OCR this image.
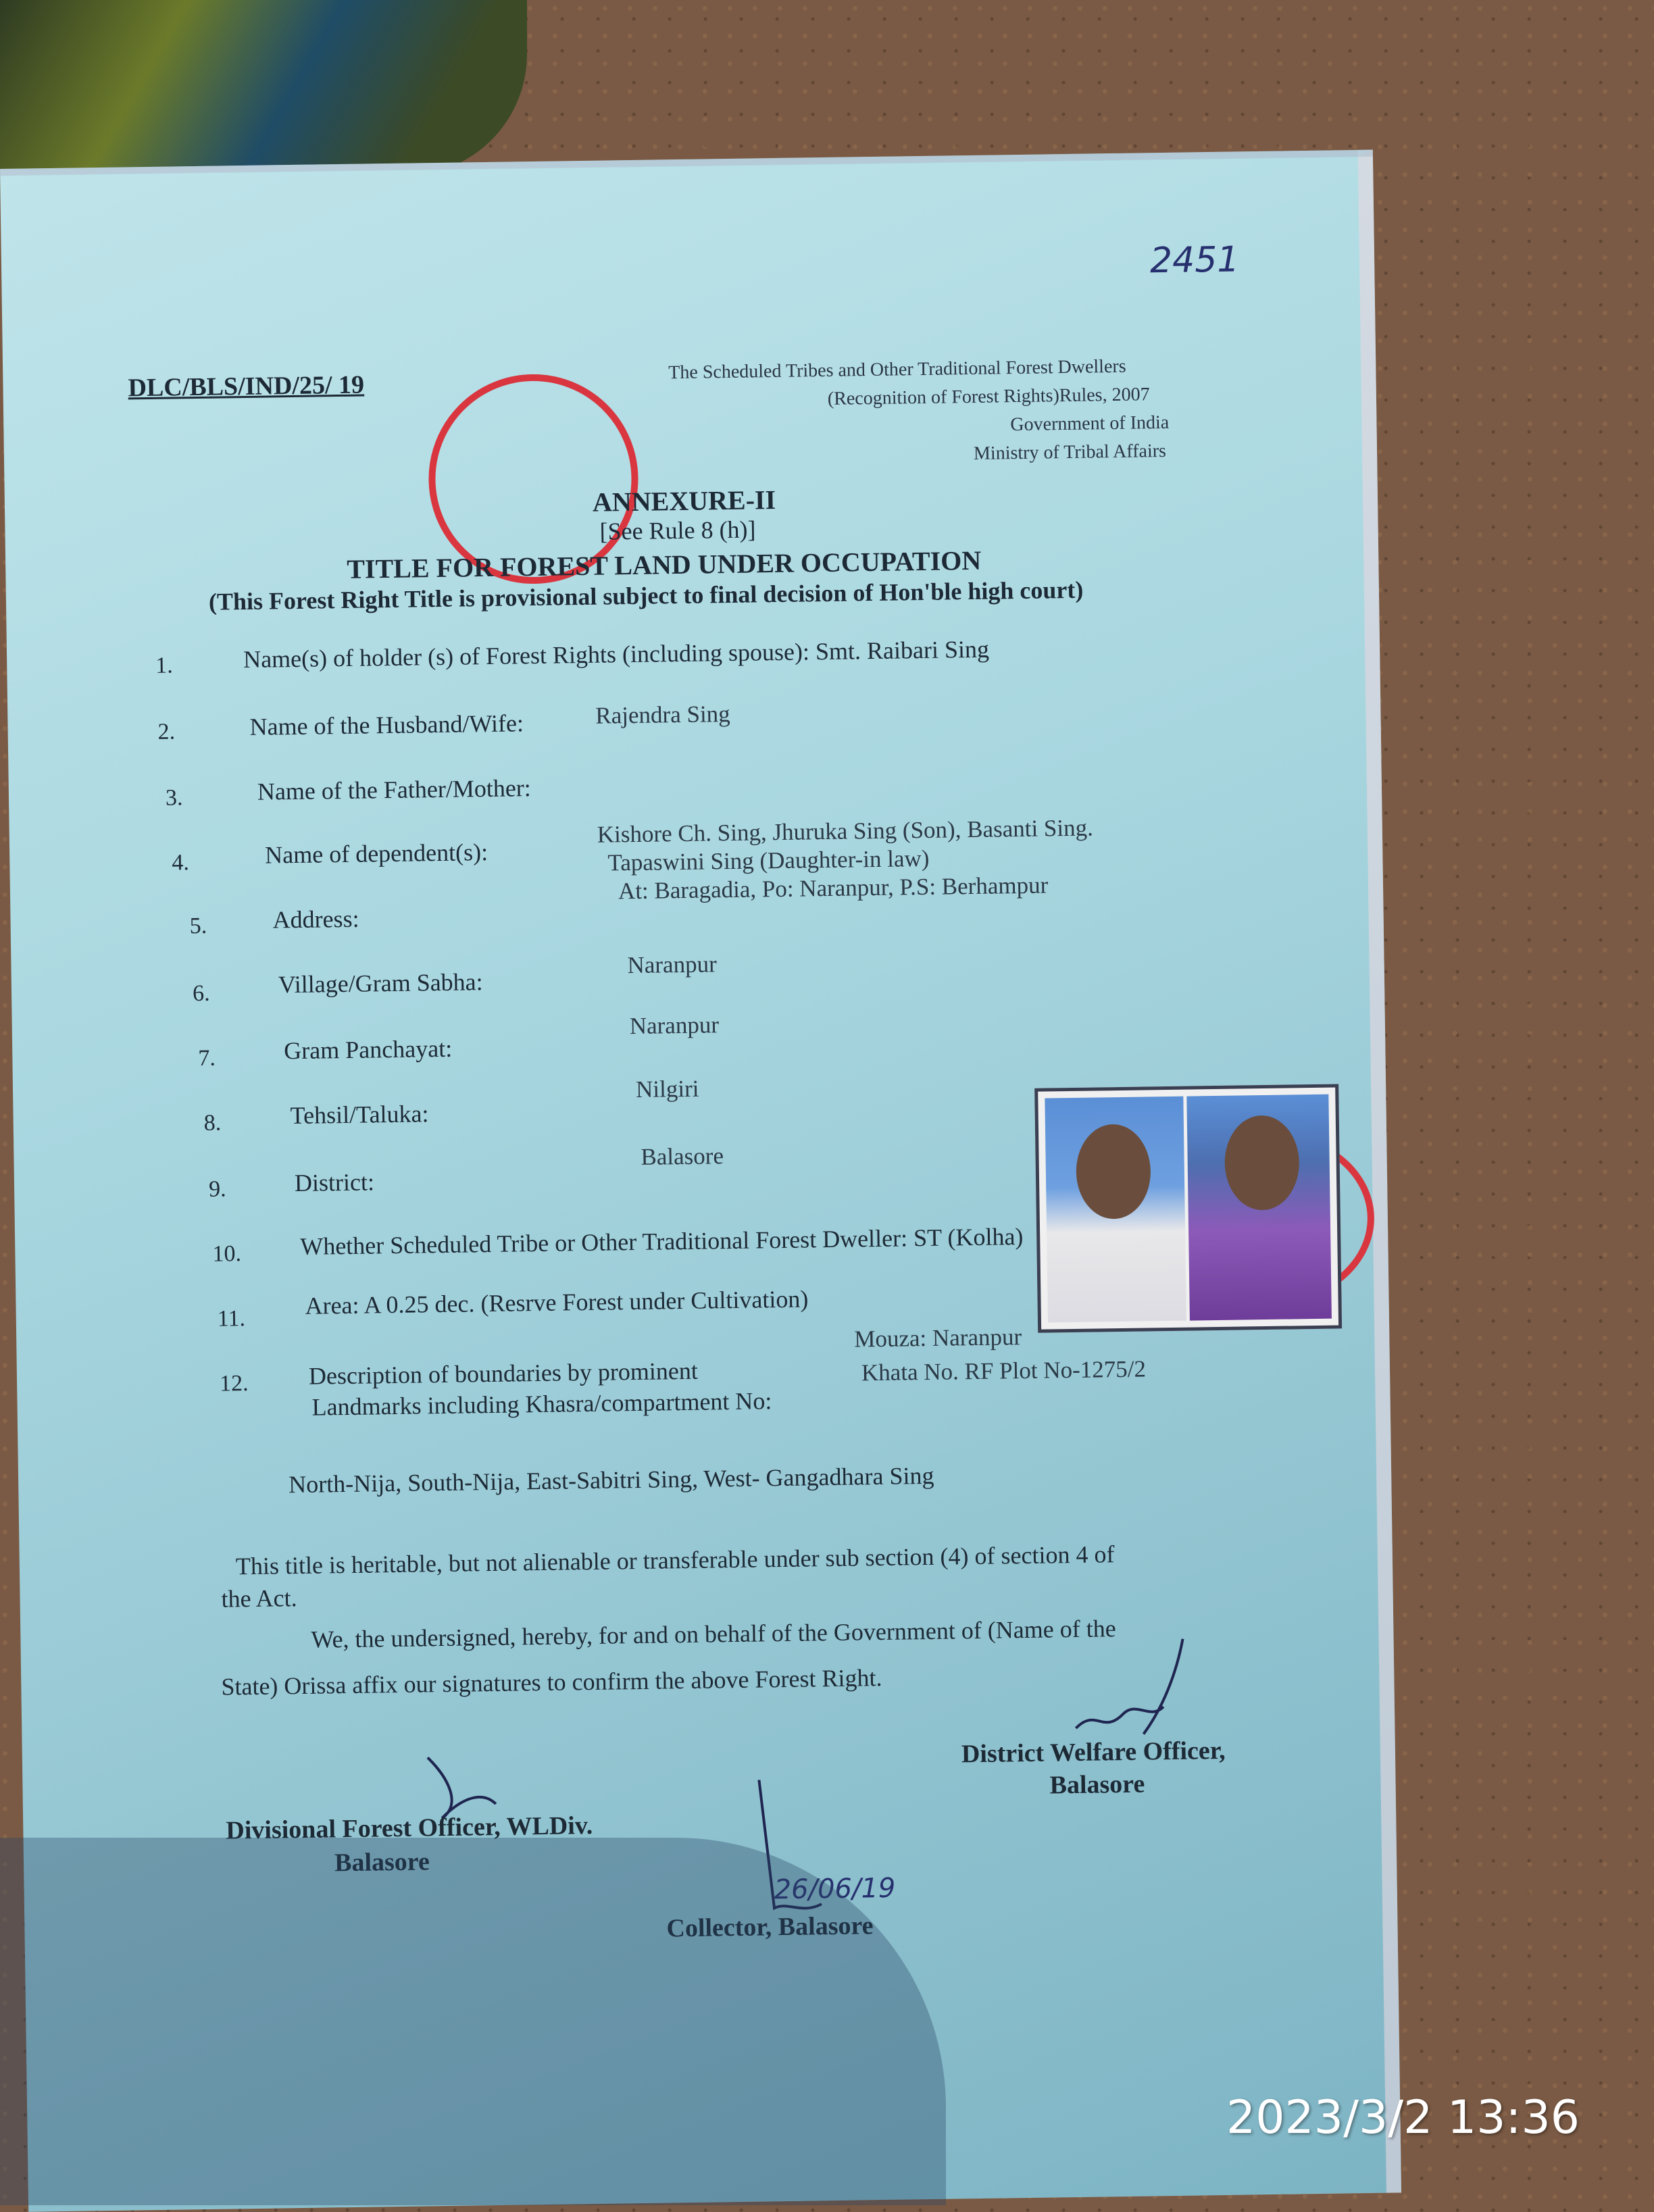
2451
DLC/BLS/IND/25/ 19
The Scheduled Tribes and Other Traditional Forest Dwellers
(Recognition of Forest Rights)Rules, 2007
Government of India
Ministry of Tribal Affairs
ANNEXURE-II
[See Rule 8 (h)]
TITLE FOR FOREST LAND UNDER OCCUPATION
(This Forest Right Title is provisional subject to final decision of Hon'ble high court)
1.	Name(s) of holder (s) of Forest Rights (including spouse): Smt. Raibari Sing
2.	Name of the Husband/Wife:	Rajendra Sing
3.	Name of the Father/Mother:
4.	Name of dependent(s):
Kishore Ch. Sing, Jhuruka Sing (Son), Basanti Sing.
Tapaswini Sing (Daughter-in law)
5.	Address:
At: Baragadia, Po: Naranpur, P.S: Berhampur
6.	Village/Gram Sabha:
Naranpur
7.	Gram Panchayat:
Naranpur
8.	Tehsil/Taluka:
Nilgiri
9.	District:
Balasore
10. Whether Scheduled Tribe or Other Traditional Forest Dweller: ST (Kolha)
11. Area: A 0.25 dec. (Resrve Forest under Cultivation)
12. Description of boundaries by prominent
Landmarks including Khasra/compartment No:
Mouza: Naranpur
Khata No. RF Plot No-1275/2
North-Nija, South-Nija, East-Sabitri Sing, West- Gangadhara Sing
This title is heritable, but not alienable or transferable under sub section (4) of section 4 of
the Act.
We, the undersigned, hereby, for and on behalf of the Government of (Name of the
State) Orissa affix our signatures to confirm the above Forest Right.
Divisional Forest Officer, WLDiv.
Balasore
District Welfare Officer,
Balasore
26/06/19
Collector, Balasore
2023/3/2 13:36
